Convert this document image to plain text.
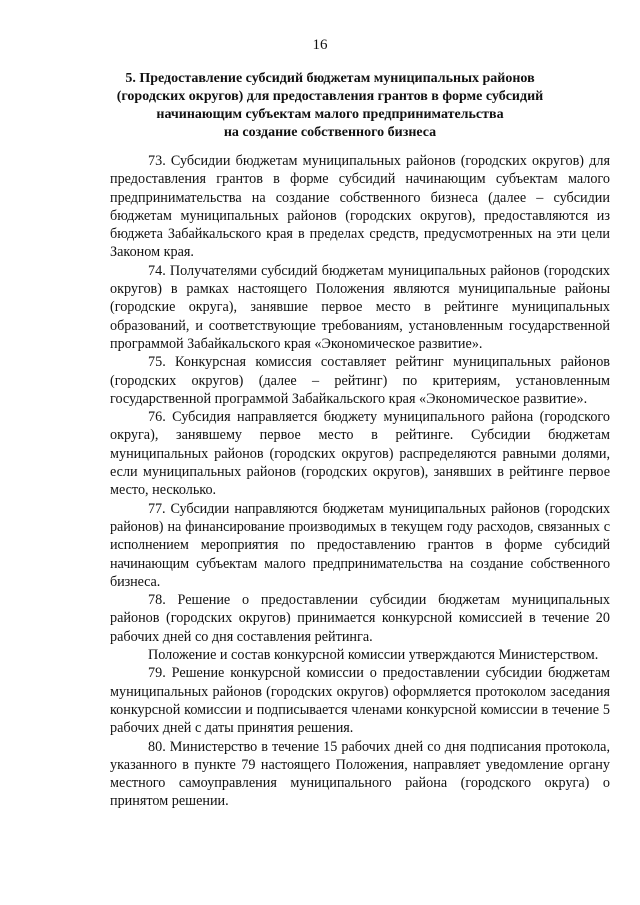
16
5. Предоставление субсидий бюджетам муниципальных районов
(городских округов) для предоставления грантов в форме субсидий
начинающим субъектам малого предпринимательства
на создание собственного бизнеса

73. Субсидии бюджетам муниципальных районов (городских округов) для предоставления грантов в форме субсидий начинающим субъектам малого предпринимательства на создание собственного бизнеса (далее – субсидии бюджетам муниципальных районов (городских округов), предоставляются из бюджета Забайкальского края в пределах средств, предусмотренных на эти цели Законом края.

74. Получателями субсидий бюджетам муниципальных районов (городских округов) в рамках настоящего Положения являются муниципальные районы (городские округа), занявшие первое место в рейтинге муниципальных образований, и соответствующие требованиям, установленным государственной программой Забайкальского края «Экономическое развитие».

75. Конкурсная комиссия составляет рейтинг муниципальных районов (городских округов) (далее – рейтинг) по критериям, установленным государственной программой Забайкальского края «Экономическое развитие».

76. Субсидия направляется бюджету муниципального района (городского округа), занявшему первое место в рейтинге. Субсидии бюджетам муниципальных районов (городских округов) распределяются равными долями, если муниципальных районов (городских округов), занявших в рейтинге первое место, несколько.

77. Субсидии направляются бюджетам муниципальных районов (городских районов) на финансирование производимых в текущем году расходов, связанных с исполнением мероприятия по предоставлению грантов в форме субсидий начинающим субъектам малого предпринимательства на создание собственного бизнеса.

78. Решение о предоставлении субсидии бюджетам муниципальных районов (городских округов) принимается конкурсной комиссией в течение 20 рабочих дней со дня составления рейтинга.

Положение и состав конкурсной комиссии утверждаются Министерством.

79. Решение конкурсной комиссии о предоставлении субсидии бюджетам муниципальных районов (городских округов) оформляется протоколом заседания конкурсной комиссии и подписывается членами конкурсной комиссии в течение 5 рабочих дней с даты принятия решения.

80. Министерство в течение 15 рабочих дней со дня подписания протокола, указанного в пункте 79 настоящего Положения, направляет уведомление органу местного самоуправления муниципального района (городского округа) о принятом решении.
